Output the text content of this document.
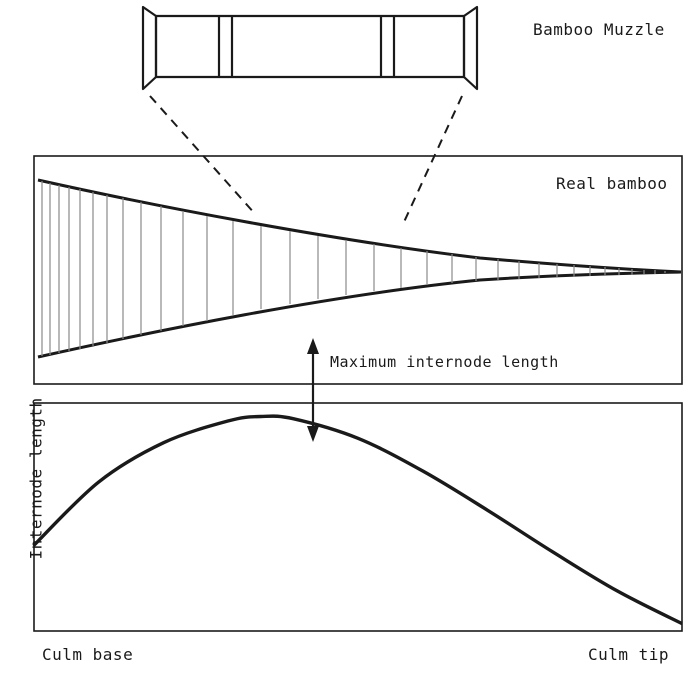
Bamboo Muzzle
Real bamboo
Maximum internode length
Internode length
Culm base	Culm tip
